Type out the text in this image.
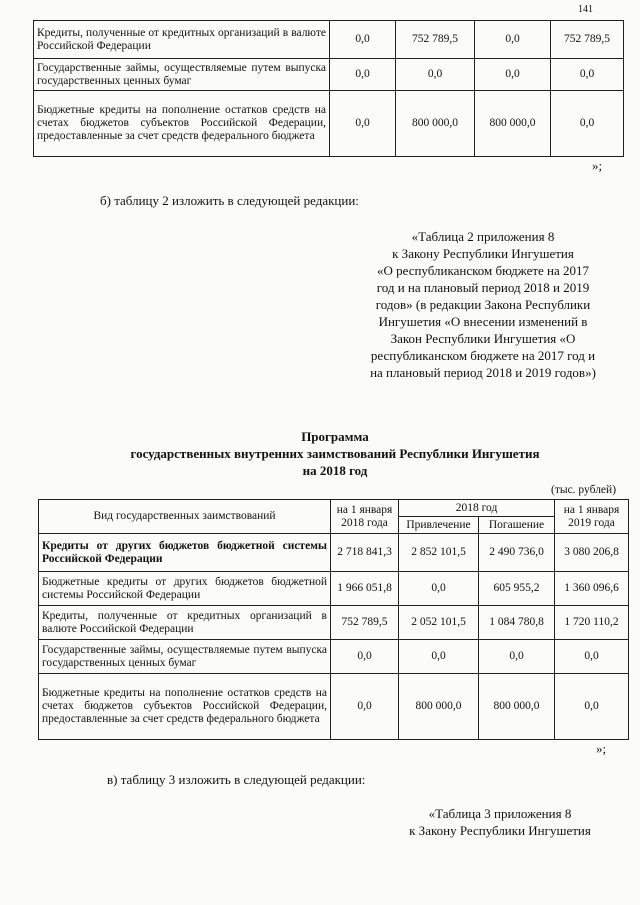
141
Кредиты, полученные от кредитных организаций в валюте Российской Федерации	0,0	752 789,5	0,0	752 789,5
Государственные займы, осуществляемые путем выпуска государственных ценных бумаг	0,0	0,0	0,0	0,0
Бюджетные кредиты на пополнение остатков средств на счетах бюджетов субъектов Российской Федерации, предоставленные за счет средств федерального бюджета	0,0	800 000,0	800 000,0	0,0
»;
б) таблицу 2 изложить в следующей редакции:
«Таблица 2 приложения 8
к Закону Республики Ингушетия
«О республиканском бюджете на 2017
год и на плановый период 2018 и 2019
годов» (в редакции Закона Республики
Ингушетия «О внесении изменений в
Закон Республики Ингушетия «О
республиканском бюджете на 2017 год и
на плановый период 2018 и 2019 годов»)
Программа
государственных внутренних заимствований Республики Ингушетия
на 2018 год
(тыс. рублей)
Вид государственных заимствований	на 1 января 2018 года	2018 год		на 1 января 2019 года
		Привлечение	Погашение	
Кредиты от других бюджетов бюджетной системы Российской Федерации	2 718 841,3	2 852 101,5	2 490 736,0	3 080 206,8
Бюджетные кредиты от других бюджетов бюджетной системы Российской Федерации	1 966 051,8	0,0	605 955,2	1 360 096,6
Кредиты, полученные от кредитных организаций в валюте Российской Федерации	752 789,5	2 052 101,5	1 084 780,8	1 720 110,2
Государственные займы, осуществляемые путем выпуска государственных ценных бумаг	0,0	0,0	0,0	0,0
Бюджетные кредиты на пополнение остатков средств на счетах бюджетов субъектов Российской Федерации, предоставленные за счет средств федерального бюджета	0,0	800 000,0	800 000,0	0,0
»;
в) таблицу 3 изложить в следующей редакции:
«Таблица 3 приложения 8
к Закону Республики Ингушетия
